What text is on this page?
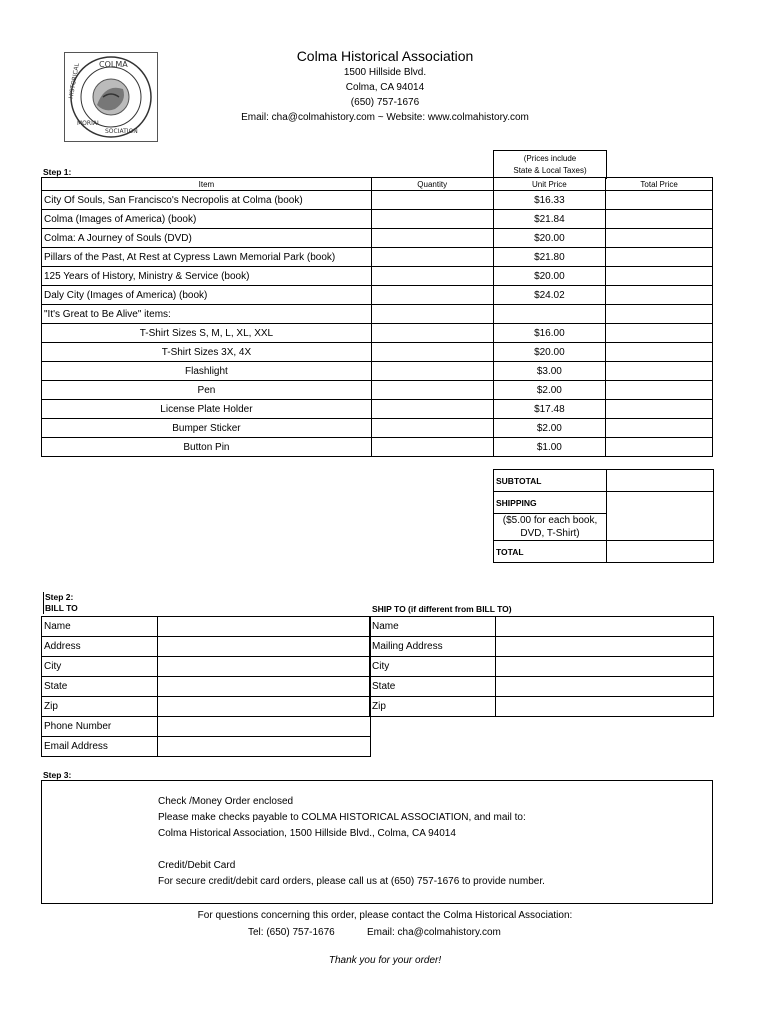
COLMA
HISTORICAL
SOCIATION
MORIAL
Colma Historical Association
1500 Hillside Blvd.
Colma, CA 94014
(650) 757-1676
Email: cha@colmahistory.com ~ Website: www.colmahistory.com
Step 1:
(Prices include
State & Local Taxes)
Item	Quantity	Unit Price	Total Price
City Of Souls, San Francisco's Necropolis at Colma (book)		$16.33	
Colma (Images of America) (book)		$21.84	
Colma: A Journey of Souls (DVD)		$20.00	
Pillars of the Past, At Rest at Cypress Lawn Memorial Park (book)		$21.80	
125 Years of History, Ministry & Service (book)		$20.00	
Daly City (Images of America) (book)		$24.02	
"It's Great to Be Alive" items:			
T-Shirt Sizes S, M, L, XL, XXL		$16.00	
T-Shirt Sizes 3X, 4X		$20.00	
Flashlight		$3.00	
Pen		$2.00	
License Plate Holder		$17.48	
Bumper Sticker		$2.00	
Button Pin		$1.00	
SUBTOTAL	
SHIPPING	
($5.00 for each book,
DVD, T-Shirt)	
TOTAL	
Step 2:
BILL TO	SHIP TO (if different from BILL TO)
Name	
Address	
City	
State	
Zip	
Phone Number	
Email Address	
Name	
Mailing Address	
City	
State	
Zip	
Step 3:
Check /Money Order enclosed
Please make checks payable to COLMA HISTORICAL ASSOCIATION, and mail to:
Colma Historical Association, 1500 Hillside Blvd., Colma, CA 94014
Credit/Debit Card
For secure credit/debit card orders, please call us at (650) 757-1676 to provide number.
For questions concerning this order, please contact the Colma Historical Association:
Tel: (650) 757-1676	Email: cha@colmahistory.com
Thank you for your order!
